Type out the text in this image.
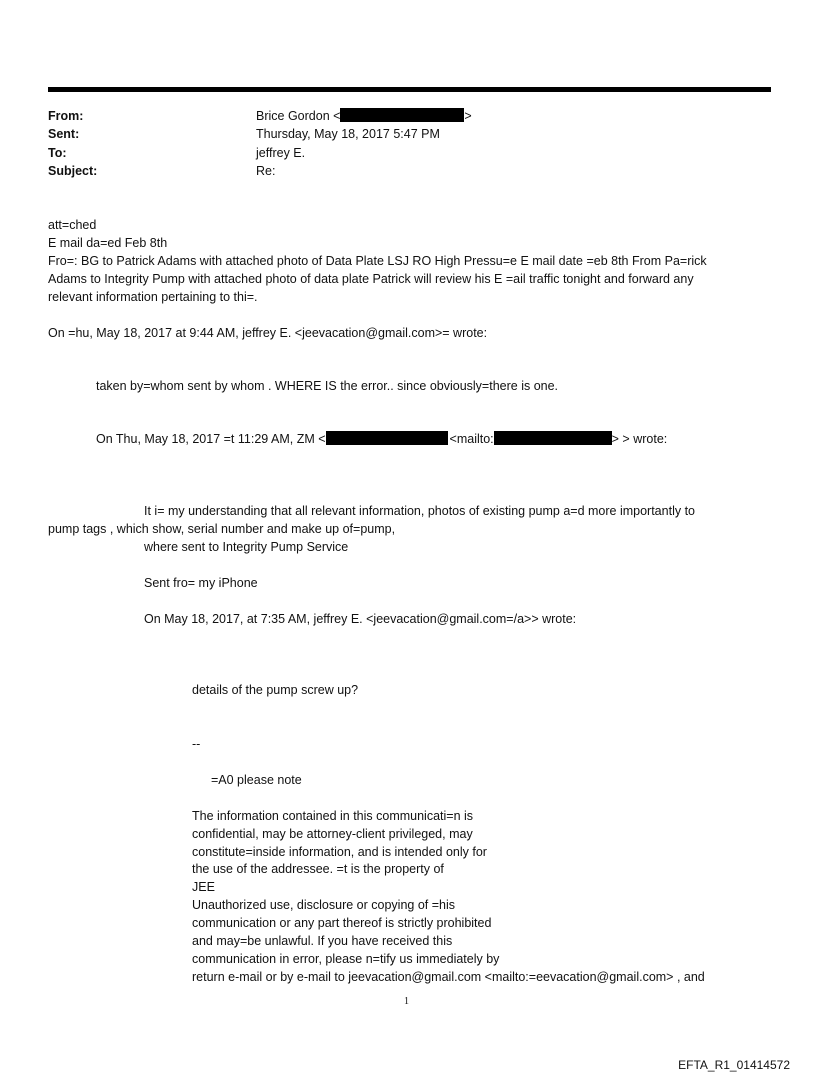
From:	Brice Gordon <	>
Sent:	Thursday, May 18, 2017 5:47 PM
To:	jeffrey E.
Subject:	Re:
att=ched
E mail da=ed Feb 8th
Fro=: BG to Patrick Adams with attached photo of Data Plate LSJ RO High Pressu=e E mail date =eb 8th From Pa=rick
Adams to Integrity Pump with attached photo of data plate Patrick will review his E =ail traffic tonight and forward any
relevant information pertaining to thi=.
On =hu, May 18, 2017 at 9:44 AM, jeffrey E. <jeevacation@gmail.com>= wrote:
taken by=whom sent by whom . WHERE IS the error.. since obviously=there is one.
On Thu, May 18, 2017 =t 11:29 AM, ZM <	<mailto:	> > wrote:
It i= my understanding that all relevant information, photos of existing pump a=d more importantly to
pump tags , which show, serial number and make up of=pump,
where sent to Integrity Pump Service
Sent fro= my iPhone
On May 18, 2017, at 7:35 AM, jeffrey E. <jeevacation@gmail.com=/a>> wrote:
details of the pump screw up?
--
=A0 please note
The information contained in this communicati=n is
confidential, may be attorney-client privileged, may
constitute=inside information, and is intended only for
the use of the addressee. =t is the property of
JEE
Unauthorized use, disclosure or copying of =his
communication or any part thereof is strictly prohibited
and may=be unlawful. If you have received this
communication in error, please n=tify us immediately by
return e-mail or by e-mail to jeevacation@gmail.com <mailto:=eevacation@gmail.com> , and
1
EFTA_R1_01414572
